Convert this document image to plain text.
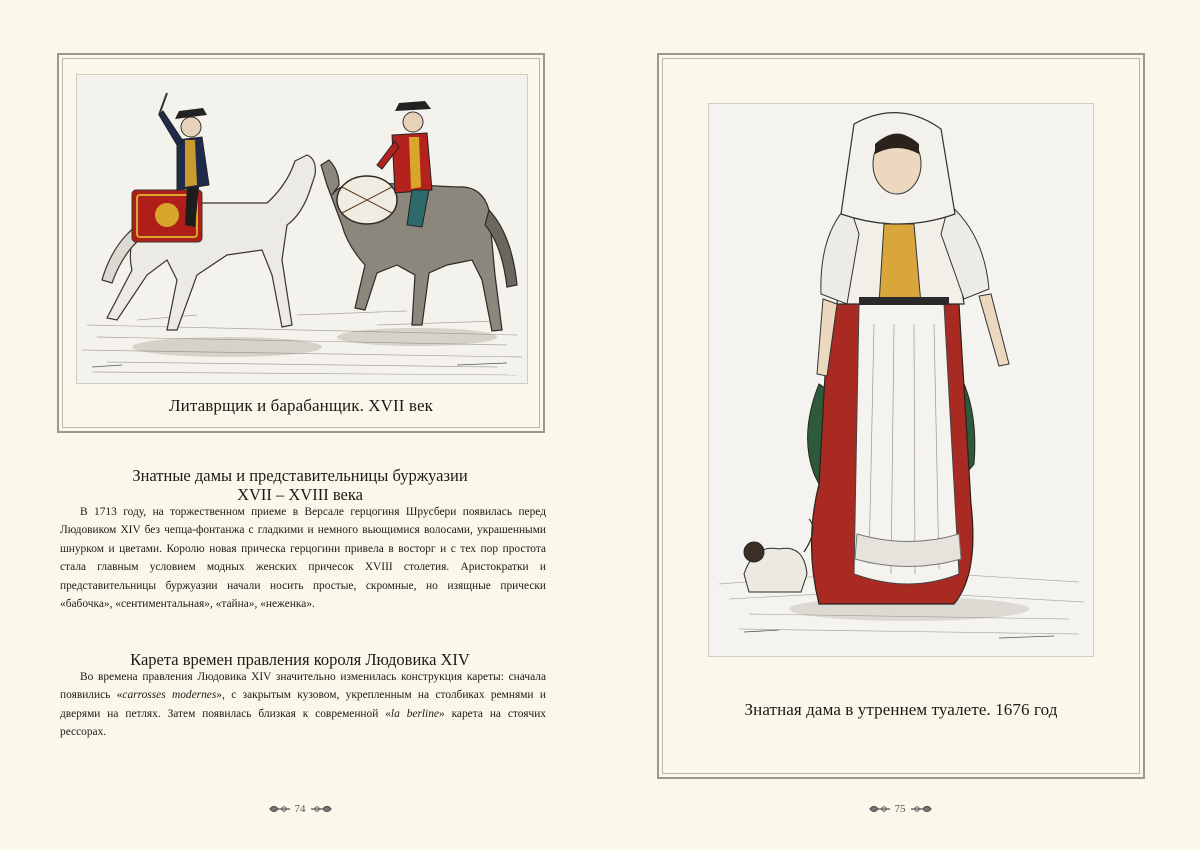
Литаврщик и барабанщик. XVII век
Знатные дамы и представительницы буржуазии
XVII – XVIII века
В 1713 году, на торжественном приеме в Версале герцогиня Шрусбери появилась перед Людовиком XIV без чепца-фонтанжа с гладкими и немного вьющимися волосами, украшенными шнурком и цветами. Королю новая прическа герцогини привела в восторг и с тех пор простота стала главным условием модных женских причесок XVIII столетия. Аристократки и представительницы буржуазии начали носить простые, скромные, но изящные прически «бабочка», «сентиментальная», «тайна», «неженка».
Карета времен правления короля Людовика XIV
Во времена правления Людовика XIV значительно изменилась конструкция кареты: сначала появились «carrosses modernes», с закрытым кузовом, укрепленным на столбиках ремнями и дверями на петлях. Затем появилась близкая к современной «la berline» карета на стоячих рессорах.
74
Знатная дама в утреннем туалете. 1676 год
75
